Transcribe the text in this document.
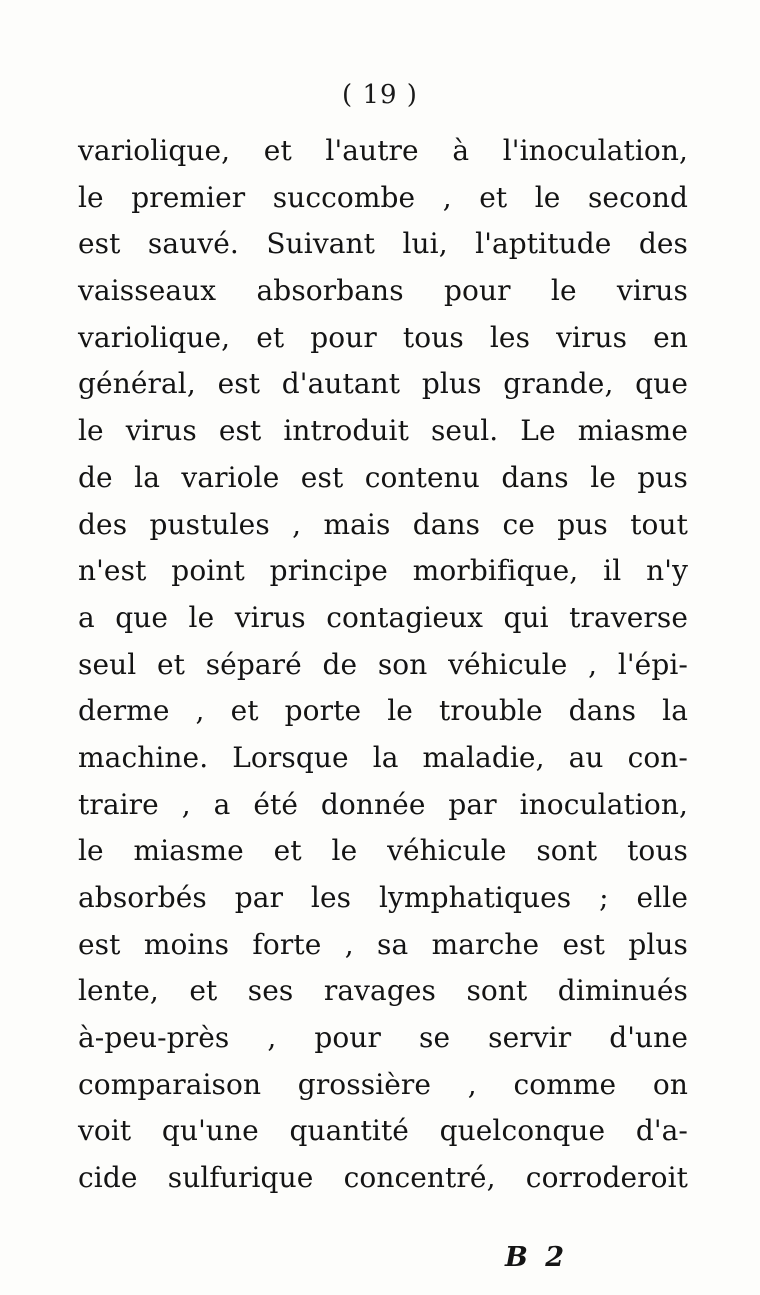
( 19 )
variolique, et l'autre à l'inoculation,
le premier succombe , et le second
est sauvé. Suivant lui, l'aptitude des
vaisseaux absorbans pour le virus
variolique, et pour tous les virus en
général, est d'autant plus grande, que
le virus est introduit seul. Le miasme
de la variole est contenu dans le pus
des pustules , mais dans ce pus tout
n'est point principe morbifique, il n'y
a que le virus contagieux qui traverse
seul et séparé de son véhicule , l'épi-
derme , et porte le trouble dans la
machine. Lorsque la maladie, au con-
traire , a été donnée par inoculation,
le miasme et le véhicule sont tous
absorbés par les lymphatiques ; elle
est moins forte , sa marche est plus
lente, et ses ravages sont diminués
à-peu-près , pour se servir d'une
comparaison grossière , comme on
voit qu'une quantité quelconque d'a-
cide sulfurique concentré, corroderoit
B 2
